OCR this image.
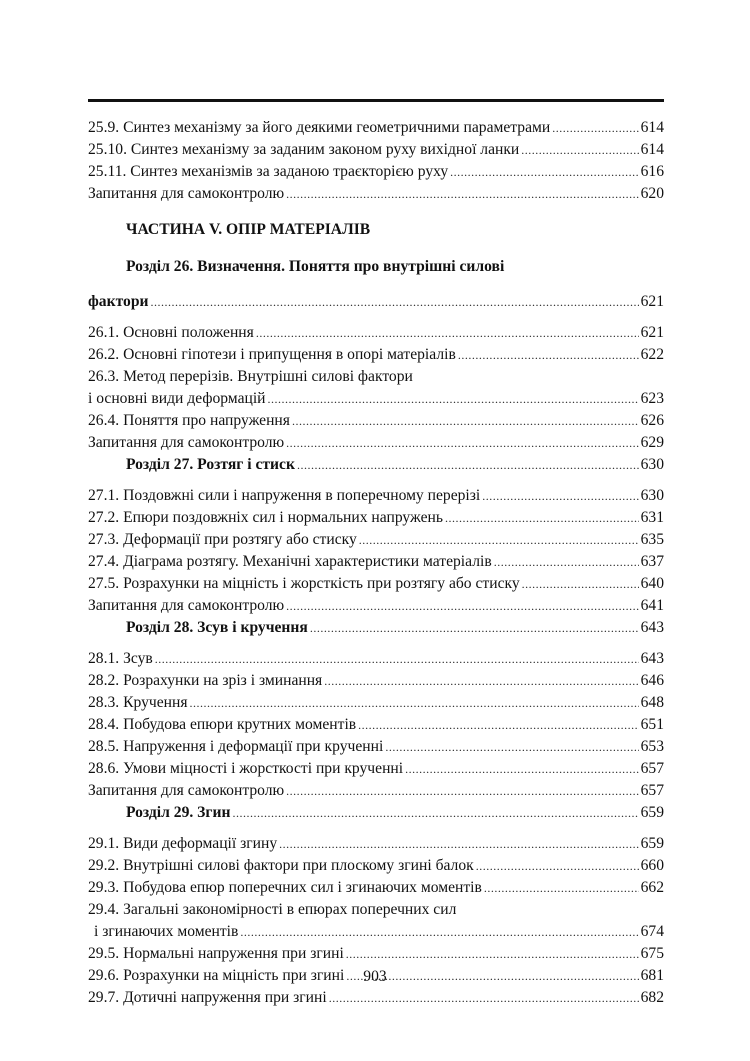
25.9. Синтез механізму за його деякими геометричними параметрами .....	614
25.10. Синтез механізму за заданим законом руху вихідної ланки .....	614
25.11. Синтез механізмів за заданою траєкторією руху .....	616
Запитання для самоконтролю .....	620
ЧАСТИНА V. ОПІР МАТЕРІАЛІВ
Розділ 26. Визначення. Поняття про внутрішні силові
фактори .....	621
26.1. Основні положення .....	621
26.2. Основні гіпотези і припущення в опорі матеріалів .....	622
26.3. Метод перерізів. Внутрішні силові фактори
і основні види деформацій .....	623
26.4. Поняття про напруження .....	626
Запитання для самоконтролю .....	629
Розділ 27. Розтяг і стиск .....	630
27.1. Поздовжні сили і напруження в поперечному перерізі .....	630
27.2. Епюри поздовжніх сил і нормальних напружень .....	631
27.3. Деформації при розтягу або стиску .....	635
27.4. Діаграма розтягу. Механічні характеристики матеріалів .....	637
27.5. Розрахунки на міцність і жорсткість при розтягу або стиску .....	640
Запитання для самоконтролю .....	641
Розділ 28. Зсув і кручення .....	643
28.1. Зсув .....	643
28.2. Розрахунки на зріз і зминання .....	646
28.3. Кручення .....	648
28.4. Побудова епюри крутних моментів .....	651
28.5. Напруження і деформації при крученні .....	653
28.6. Умови міцності і жорсткості при крученні .....	657
Запитання для самоконтролю .....	657
Розділ 29. Згин .....	659
29.1. Види деформації згину .....	659
29.2. Внутрішні силові фактори при плоскому згині балок .....	660
29.3. Побудова епюр поперечних сил і згинаючих моментів .....	662
29.4. Загальні закономірності в епюрах поперечних сил
і згинаючих моментів .....	674
29.5. Нормальні напруження при згині .....	675
29.6. Розрахунки на міцність при згині .....	681
29.7. Дотичні напруження при згині .....	682
903
